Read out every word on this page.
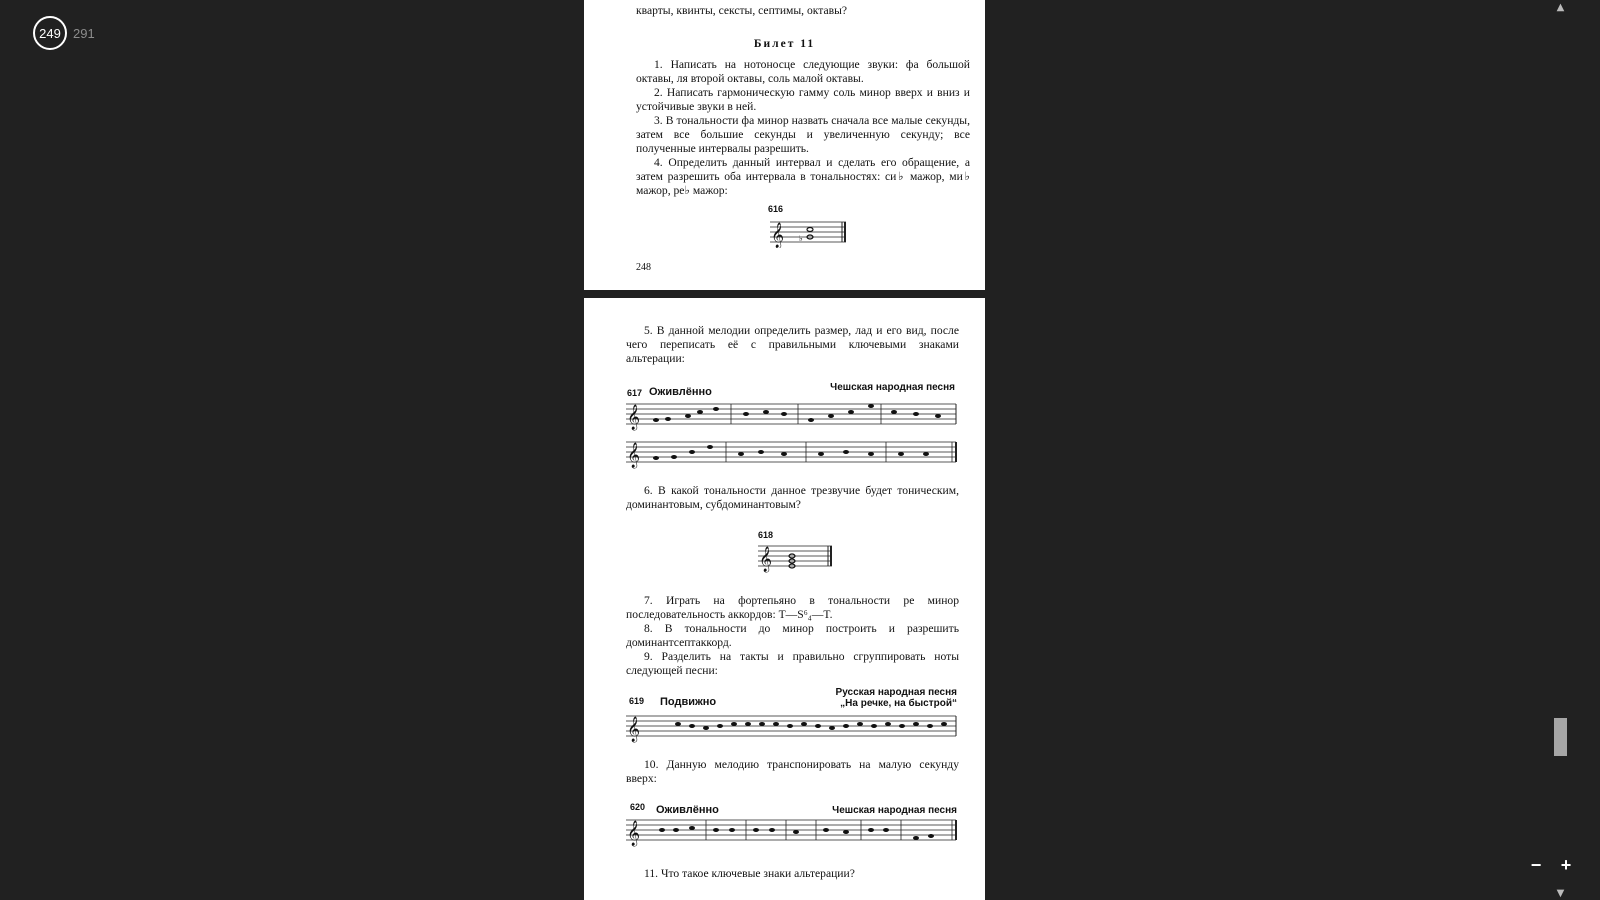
249 291
кварты, квинты, сексты, септимы, октавы?
Билет 11

1. Написать на нотоносце следующие звуки: фа большой октавы, ля второй октавы, соль малой октавы.

2. Написать гармоническую гамму соль минор вверх и вниз и устойчивые звуки в ней.

3. В тональности фа минор назвать сначала все малые секунды, затем все большие секунды и увеличенную секунду; все полученные интервалы разрешить.

4. Определить данный интервал и сделать его обращение, а затем разрешить оба интервала в тональностях: си♭ мажор, ми♭ мажор, ре♭ мажор:

616
𝄞 ♭
248

5. В данной мелодии определить размер, лад и его вид, после чего переписать её с правильными ключевыми знаками альтерации:

617 Оживлённо	Чешская народная песня
𝄞
𝄞

6. В какой тональности данное трезвучие будет тоническим, доминантовым, субдоминантовым?

618
𝄞

7. Играть на фортепьяно в тональности ре минор последовательность аккордов: T—S⁶₄—T.

8. В тональности до минор построить и разрешить доминантсептаккорд.

9. Разделить на такты и правильно сгруппировать ноты следующей песни:

619 Подвижно
Русская народная песня
„На речке, на быстрой“
𝄞

10. Данную мелодию транспонировать на малую секунду вверх:

620 Оживлённо	Чешская народная песня
𝄞

11. Что такое ключевые знаки альтерации?

▲
▼
− +
